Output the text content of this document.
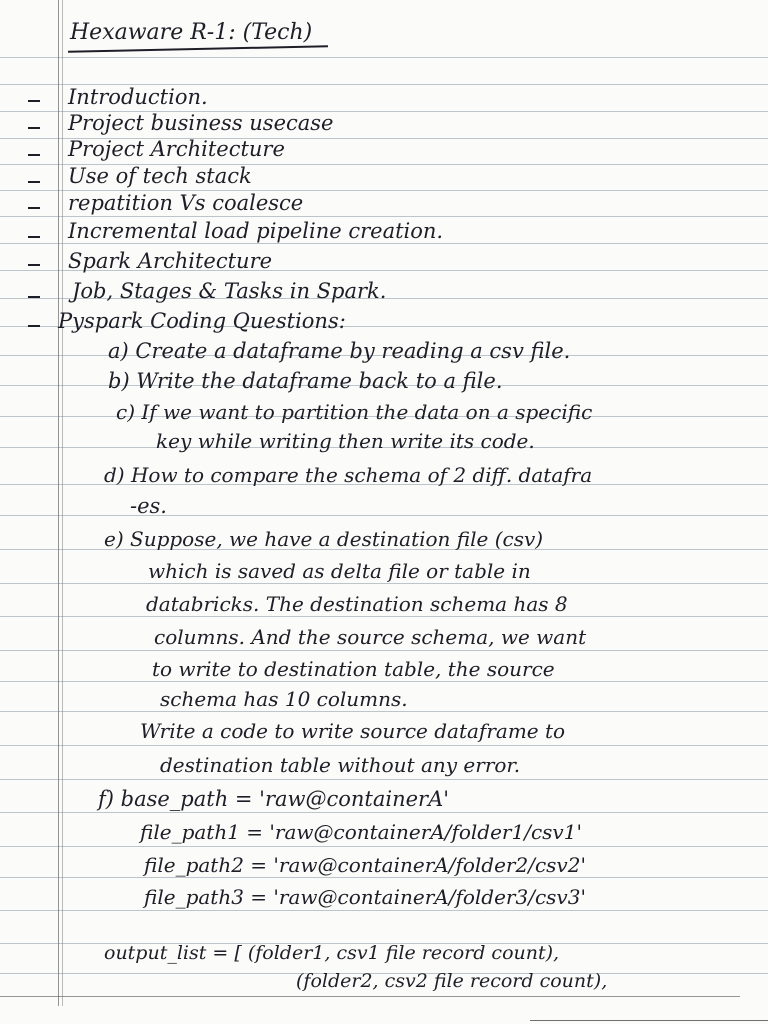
Hexaware R-1: (Tech)
Introduction.
Project business usecase
Project Architecture
Use of tech stack
repatition Vs coalesce
Incremental load pipeline creation.
Spark Architecture
Job, Stages & Tasks in Spark.
Pyspark Coding Questions:
a) Create a dataframe by reading a csv file.
b) Write the dataframe back to a file.
c) If we want to partition the data on a specific
key while writing then write its code.
d) How to compare the schema of 2 diff. datafra
-es.
e) Suppose, we have a destination file (csv)
which is saved as delta file or table in
databricks. The destination schema has 8
columns. And the source schema, we want
to write to destination table, the source
schema has 10 columns.
Write a code to write source dataframe to
destination table without any error.
f) base_path = 'raw@containerA'
file_path1 = 'raw@containerA/folder1/csv1'
file_path2 = 'raw@containerA/folder2/csv2'
file_path3 = 'raw@containerA/folder3/csv3'
output_list = [ (folder1, csv1 file record count),
(folder2, csv2 file record count),
